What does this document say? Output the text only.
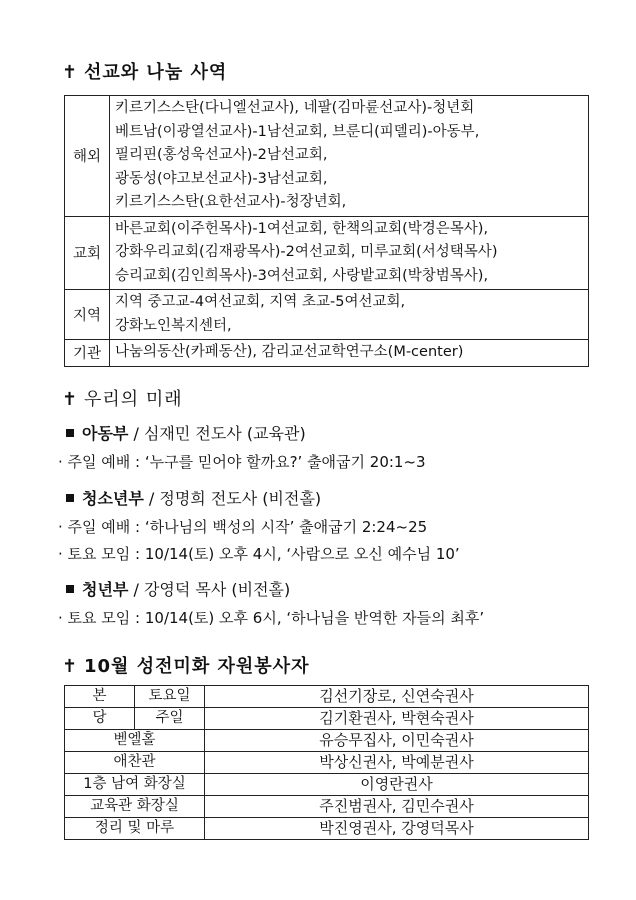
✝ 선교와 나눔 사역
해외	키르기스스탄(다니엘선교사), 네팔(김마륜선교사)-청년회
베트남(이광열선교사)-1남선교회, 브룬디(피델리)-아동부,
필리핀(홍성욱선교사)-2남선교회,
광동성(야고보선교사)-3남선교회,
키르기스스탄(요한선교사)-청장년회,

교회	바른교회(이주헌목사)-1여선교회, 한책의교회(박경은목사),
강화우리교회(김재광목사)-2여선교회, 미루교회(서성택목사)
승리교회(김인희목사)-3여선교회, 사랑밭교회(박창범목사),

지역	지역 중고교-4여선교회, 지역 초교-5여선교회,
강화노인복지센터,

기관	나눔의동산(카페동산), 감리교선교학연구소(M-center)
✝ 우리의 미래
아동부 / 심재민 전도사 (교육관)
· 주일 예배 : ‘누구를 믿어야 할까요?’ 출애굽기 20:1~3
청소년부 / 정명희 전도사 (비전홀)
· 주일 예배 : ‘하나님의 백성의 시작’ 출애굽기 2:24~25
· 토요 모임 : 10/14(토) 오후 4시, ‘사람으로 오신 예수님 10’
청년부 / 강영덕 목사 (비전홀)
· 토요 모임 : 10/14(토) 오후 6시, ‘하나님을 반역한 자들의 최후’
✝ 10월 성전미화 자원봉사자
본	토요일	김선기장로, 신연숙권사
당	주일	김기환권사, 박현숙권사
벧엘홀		유승무집사, 이민숙권사
애찬관		박상신권사, 박예분권사
1층 남여 화장실		이영란권사
교육관 화장실		주진범권사, 김민수권사
정리 및 마루		박진영권사, 강영덕목사
